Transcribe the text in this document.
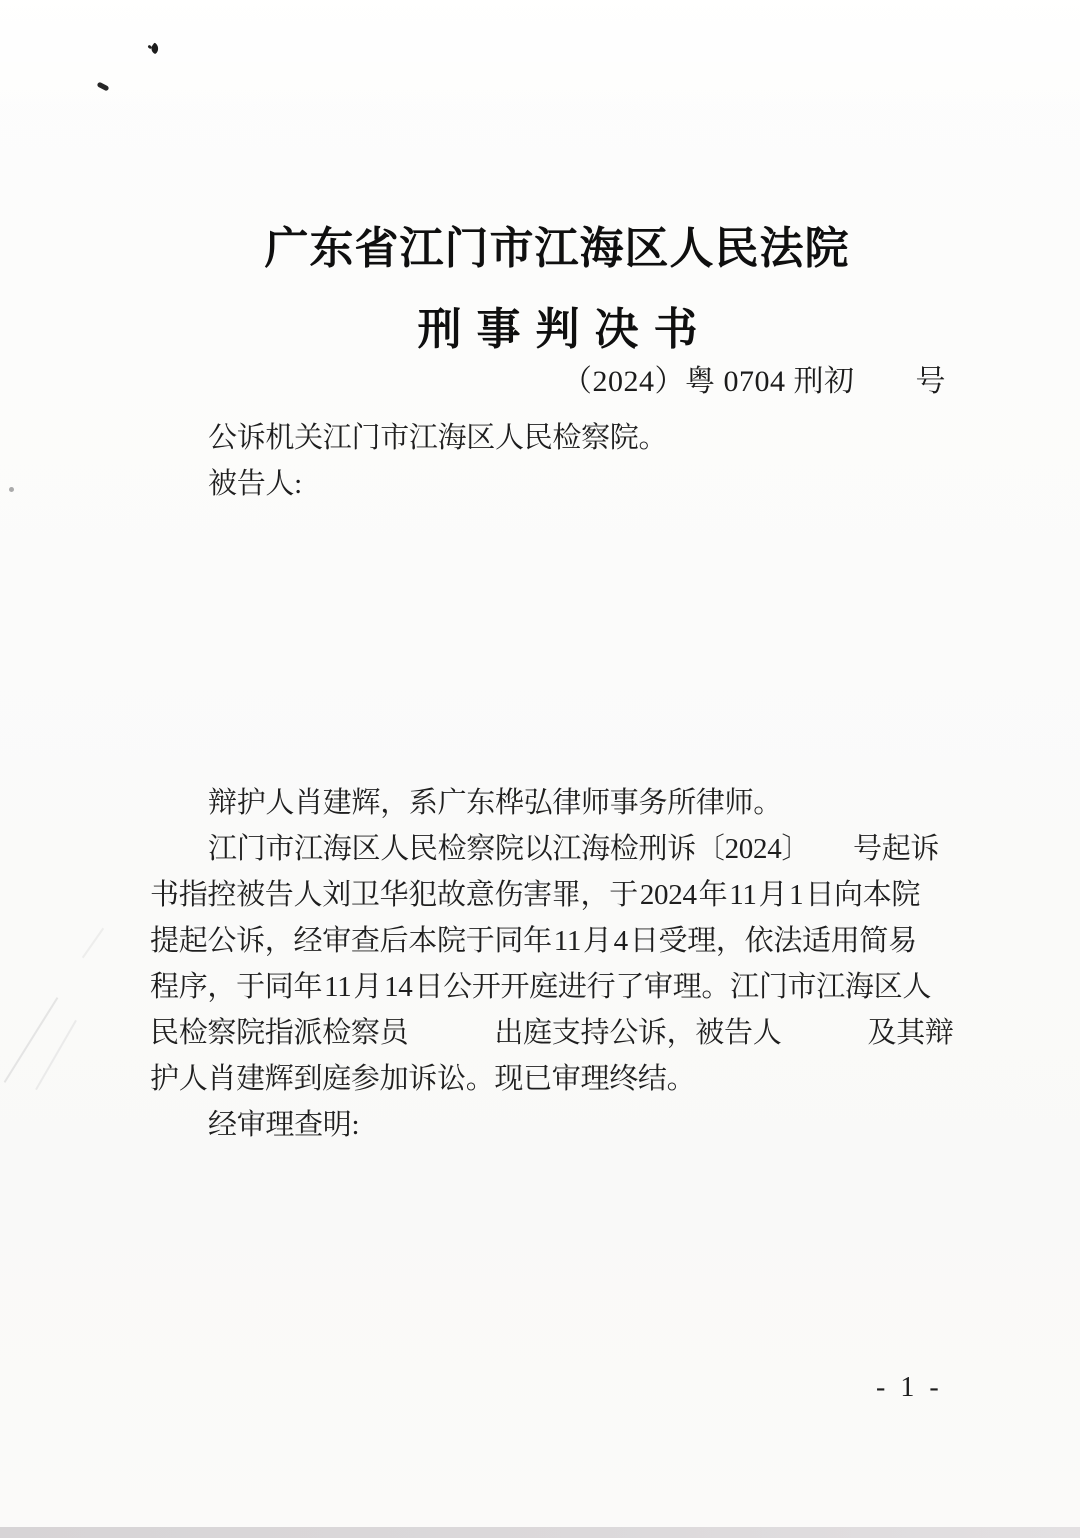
广东省江门市江海区人民法院
刑事判决书
（2024）粤 0704 刑初　　号

公诉机关江门市江海区人民检察院。

被告人:

辩护人肖建辉，系广东桦弘律师事务所律师。

江门市江海区人民检察院以江海检刑诉〔2024〕　　号起诉

书指控被告人刘卫华犯故意伤害罪，于 2024 年 11 月 1 日向本院

提起公诉，经审查后本院于同年 11 月 4 日受理，依法适用简易

程序，于同年 11 月 14 日公开开庭进行了审理。江门市江海区人

民检察院指派检察员　　　出庭支持公诉，被告人　　　及其辩

护人肖建辉到庭参加诉讼。现已审理终结。

经审理查明:

- 1 -
